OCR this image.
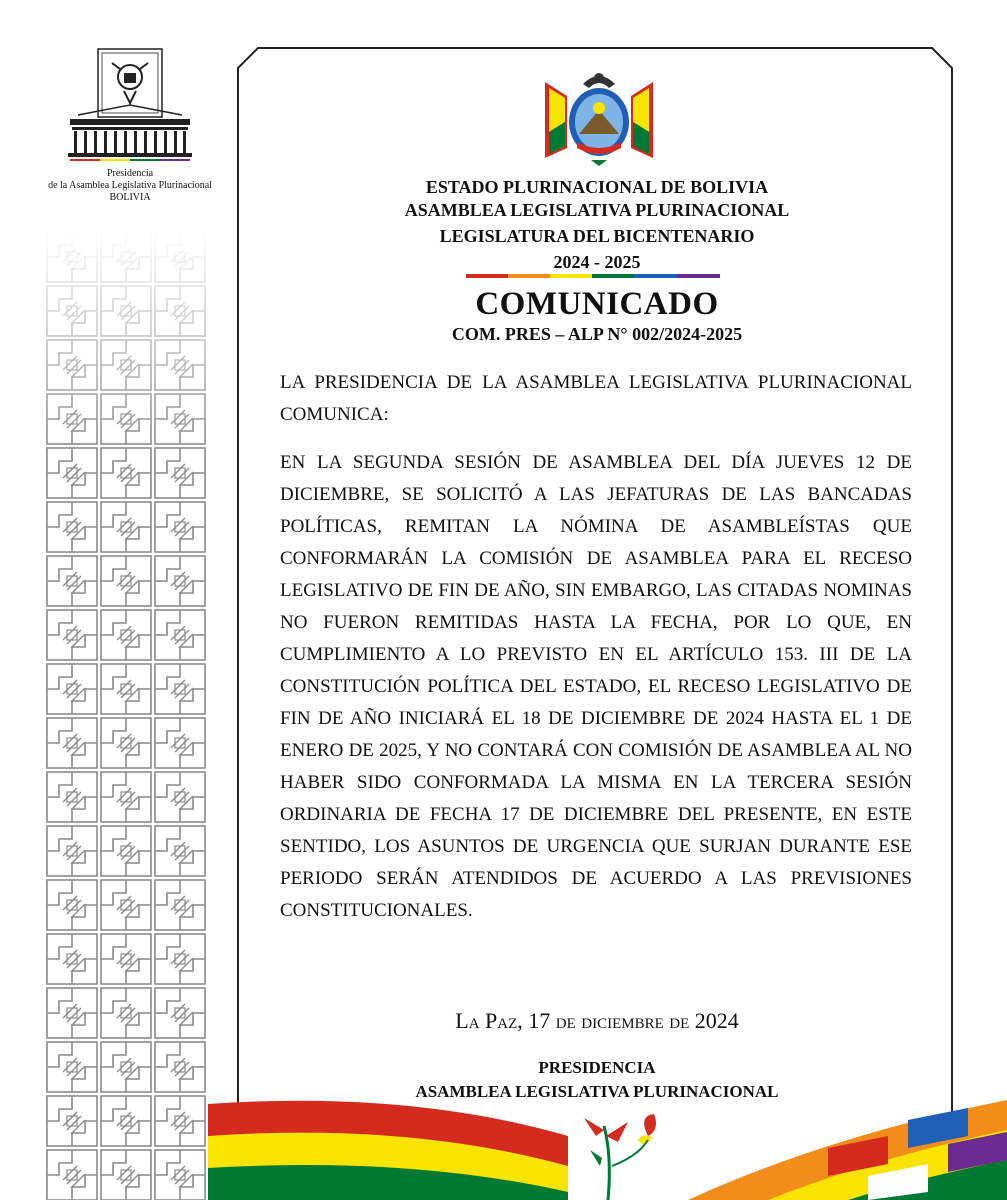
Presidencia
de la Asamblea Legislativa Plurinacional
BOLIVIA
ESTADO PLURINACIONAL DE BOLIVIA
ASAMBLEA LEGISLATIVA PLURINACIONAL
LEGISLATURA DEL BICENTENARIO
2024 - 2025
COMUNICADO
COM. PRES – ALP N° 002/2024-2025
LA PRESIDENCIA DE LA ASAMBLEA LEGISLATIVA PLURINACIONAL COMUNICA:
EN LA SEGUNDA SESIÓN DE ASAMBLEA DEL DÍA JUEVES 12 DE DICIEMBRE, SE SOLICITÓ A LAS JEFATURAS DE LAS BANCADAS POLÍTICAS, REMITAN LA NÓMINA DE ASAMBLEÍSTAS QUE CONFORMARÁN LA COMISIÓN DE ASAMBLEA PARA EL RECESO LEGISLATIVO DE FIN DE AÑO, SIN EMBARGO, LAS CITADAS NOMINAS NO FUERON REMITIDAS HASTA LA FECHA, POR LO QUE, EN CUMPLIMIENTO A LO PREVISTO EN EL ARTÍCULO 153. III DE LA CONSTITUCIÓN POLÍTICA DEL ESTADO, EL RECESO LEGISLATIVO DE FIN DE AÑO INICIARÁ EL 18 DE DICIEMBRE DE 2024 HASTA EL 1 DE ENERO DE 2025, Y NO CONTARÁ CON COMISIÓN DE ASAMBLEA AL NO HABER SIDO CONFORMADA LA MISMA EN LA TERCERA SESIÓN ORDINARIA DE FECHA 17 DE DICIEMBRE DEL PRESENTE, EN ESTE SENTIDO, LOS ASUNTOS DE URGENCIA QUE SURJAN DURANTE ESE PERIODO SERÁN ATENDIDOS DE ACUERDO A LAS PREVISIONES CONSTITUCIONALES.
La Paz, 17 de diciembre de 2024
PRESIDENCIA
ASAMBLEA LEGISLATIVA PLURINACIONAL
